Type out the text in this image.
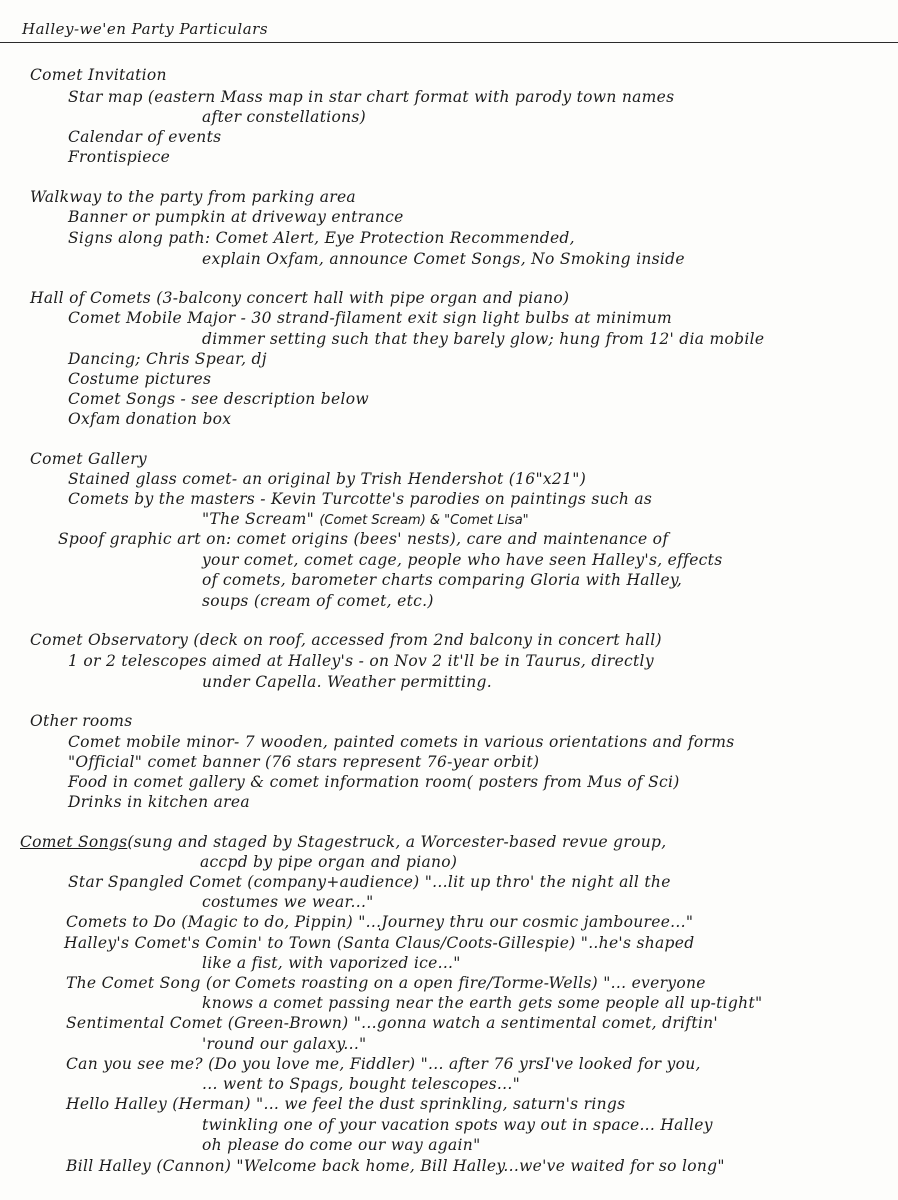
Halley-we'en Party Particulars
Comet Invitation
Star map (eastern Mass map in star chart format with parody town names
after constellations)
Calendar of events
Frontispiece
Walkway to the party from parking area
Banner or pumpkin at driveway entrance
Signs along path: Comet Alert, Eye Protection Recommended,
explain Oxfam, announce Comet Songs, No Smoking inside
Hall of Comets (3-balcony concert hall with pipe organ and piano)
Comet Mobile Major - 30 strand-filament exit sign light bulbs at minimum
dimmer setting such that they barely glow; hung from 12' dia mobile
Dancing; Chris Spear, dj
Costume pictures
Comet Songs - see description below
Oxfam donation box
Comet Gallery
Stained glass comet- an original by Trish Hendershot (16"x21")
Comets by the masters - Kevin Turcotte's parodies on paintings such as
"The Scream" (Comet Scream) & "Comet Lisa"
Spoof graphic art on: comet origins (bees' nests), care and maintenance of
your comet, comet cage, people who have seen Halley's, effects
of comets, barometer charts comparing Gloria with Halley,
soups (cream of comet, etc.)
Comet Observatory (deck on roof, accessed from 2nd balcony in concert hall)
1 or 2 telescopes aimed at Halley's - on Nov 2 it'll be in Taurus, directly
under Capella. Weather permitting.
Other rooms
Comet mobile minor- 7 wooden, painted comets in various orientations and forms
"Official" comet banner (76 stars represent 76-year orbit)
Food in comet gallery & comet information room( posters from Mus of Sci)
Drinks in kitchen area
Comet Songs(sung and staged by Stagestruck, a Worcester-based revue group,
accpd by pipe organ and piano)
Star Spangled Comet (company+audience) "...lit up thro' the night all the
costumes we wear..."
Comets to Do (Magic to do, Pippin) "...Journey thru our cosmic jambouree..."
Halley's Comet's Comin' to Town (Santa Claus/Coots-Gillespie) "..he's shaped
like a fist, with vaporized ice..."
The Comet Song (or Comets roasting on a open fire/Torme-Wells) "... everyone
knows a comet passing near the earth gets some people all up-tight"
Sentimental Comet (Green-Brown) "...gonna watch a sentimental comet, driftin'
'round our galaxy..."
Can you see me? (Do you love me, Fiddler) "... after 76 yrsI've looked for you,
... went to Spags, bought telescopes..."
Hello Halley (Herman) "... we feel the dust sprinkling, saturn's rings
twinkling one of your vacation spots way out in space... Halley
oh please do come our way again"
Bill Halley (Cannon) "Welcome back home, Bill Halley...we've waited for so long"
